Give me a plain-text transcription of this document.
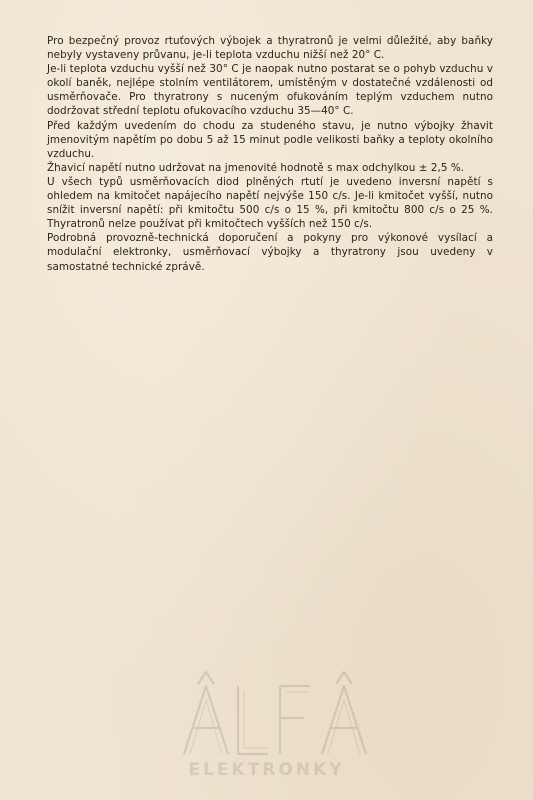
Pro bezpečný provoz rtuťových výbojek a thyratronů je velmi důležité, aby baňky nebyly vystaveny průvanu, je-li teplota vzduchu nižší než 20° C.

Je-li teplota vzduchu vyšší než 30° C je naopak nutno postarat se o pohyb vzduchu v okolí baněk, nejlépe stolním ventilátorem, umístěným v dostatečné vzdálenosti od usměrňovače. Pro thyratrony s nuceným ofukováním teplým vzduchem nutno dodržovat střední teplotu ofukovacího vzduchu 35—40° C.

Před každým uvedením do chodu za studeného stavu, je nutno výbojky žhavit jmenovitým napětím po dobu 5 až 15 minut podle velikosti baňky a teploty okolního vzduchu.

Žhavicí napětí nutno udržovat na jmenovité hodnotě s max odchylkou ± 2,5 %.

U všech typů usměrňovacích diod plněných rtutí je uvedeno inversní napětí s ohledem na kmitočet napájecího napětí nejvýše 150 c/s. Je-li kmitočet vyšší, nutno snížit inversní napětí: při kmitočtu 500 c/s o 15 %, při kmitočtu 800 c/s o 25 %. Thyratronů nelze používat při kmitočtech vyšších než 150 c/s.

Podrobná provozně-technická doporučení a pokyny pro výkonové vysílací a modulační elektronky, usměrňovací výbojky a thyratrony jsou uvedeny v samostatné technické zprávě.

ELEKTRONKY
